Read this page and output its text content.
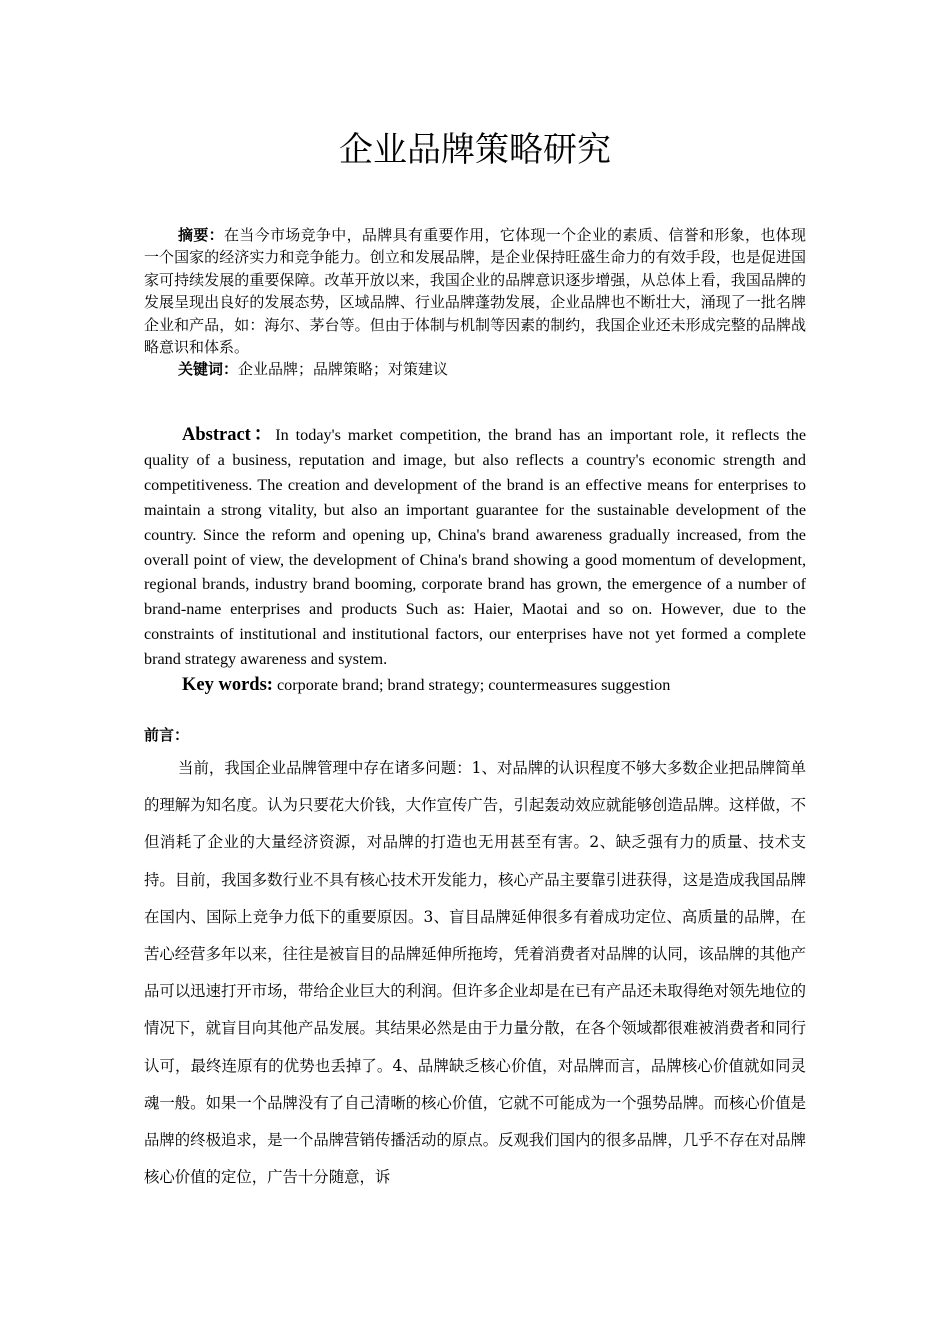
企业品牌策略研究

摘要：在当今市场竞争中，品牌具有重要作用，它体现一个企业的素质、信誉和形象，也体现一个国家的经济实力和竞争能力。创立和发展品牌，是企业保持旺盛生命力的有效手段，也是促进国家可持续发展的重要保障。改革开放以来，我国企业的品牌意识逐步增强，从总体上看，我国品牌的发展呈现出良好的发展态势，区域品牌、行业品牌蓬勃发展，企业品牌也不断壮大，涌现了一批名牌企业和产品，如：海尔、茅台等。但由于体制与机制等因素的制约，我国企业还未形成完整的品牌战略意识和体系。

关键词：企业品牌；品牌策略；对策建议

Abstract：In today's market competition, the brand has an important role, it reflects the quality of a business, reputation and image, but also reflects a country's economic strength and competitiveness. The creation and development of the brand is an effective means for enterprises to maintain a strong vitality, but also an important guarantee for the sustainable development of the country. Since the reform and opening up, China's brand awareness gradually increased, from the overall point of view, the development of China's brand showing a good momentum of development, regional brands, industry brand booming, corporate brand has grown, the emergence of a number of brand-name enterprises and products Such as: Haier, Maotai and so on. However, due to the constraints of institutional and institutional factors, our enterprises have not yet formed a complete brand strategy awareness and system.

Key words: corporate brand; brand strategy; countermeasures suggestion

前言：

当前，我国企业品牌管理中存在诸多问题：1、对品牌的认识程度不够大多数企业把品牌简单的理解为知名度。认为只要花大价钱，大作宣传广告，引起轰动效应就能够创造品牌。这样做，不但消耗了企业的大量经济资源，对品牌的打造也无用甚至有害。2、缺乏强有力的质量、技术支持。目前，我国多数行业不具有核心技术开发能力，核心产品主要靠引进获得，这是造成我国品牌在国内、国际上竞争力低下的重要原因。3、盲目品牌延伸很多有着成功定位、高质量的品牌，在苦心经营多年以来，往往是被盲目的品牌延伸所拖垮，凭着消费者对品牌的认同，该品牌的其他产品可以迅速打开市场，带给企业巨大的利润。但许多企业却是在已有产品还未取得绝对领先地位的情况下，就盲目向其他产品发展。其结果必然是由于力量分散，在各个领域都很难被消费者和同行认可，最终连原有的优势也丢掉了。4、品牌缺乏核心价值，对品牌而言，品牌核心价值就如同灵魂一般。如果一个品牌没有了自己清晰的核心价值，它就不可能成为一个强势品牌。而核心价值是品牌的终极追求，是一个品牌营销传播活动的原点。反观我们国内的很多品牌，几乎不存在对品牌核心价值的定位，广告十分随意，诉
